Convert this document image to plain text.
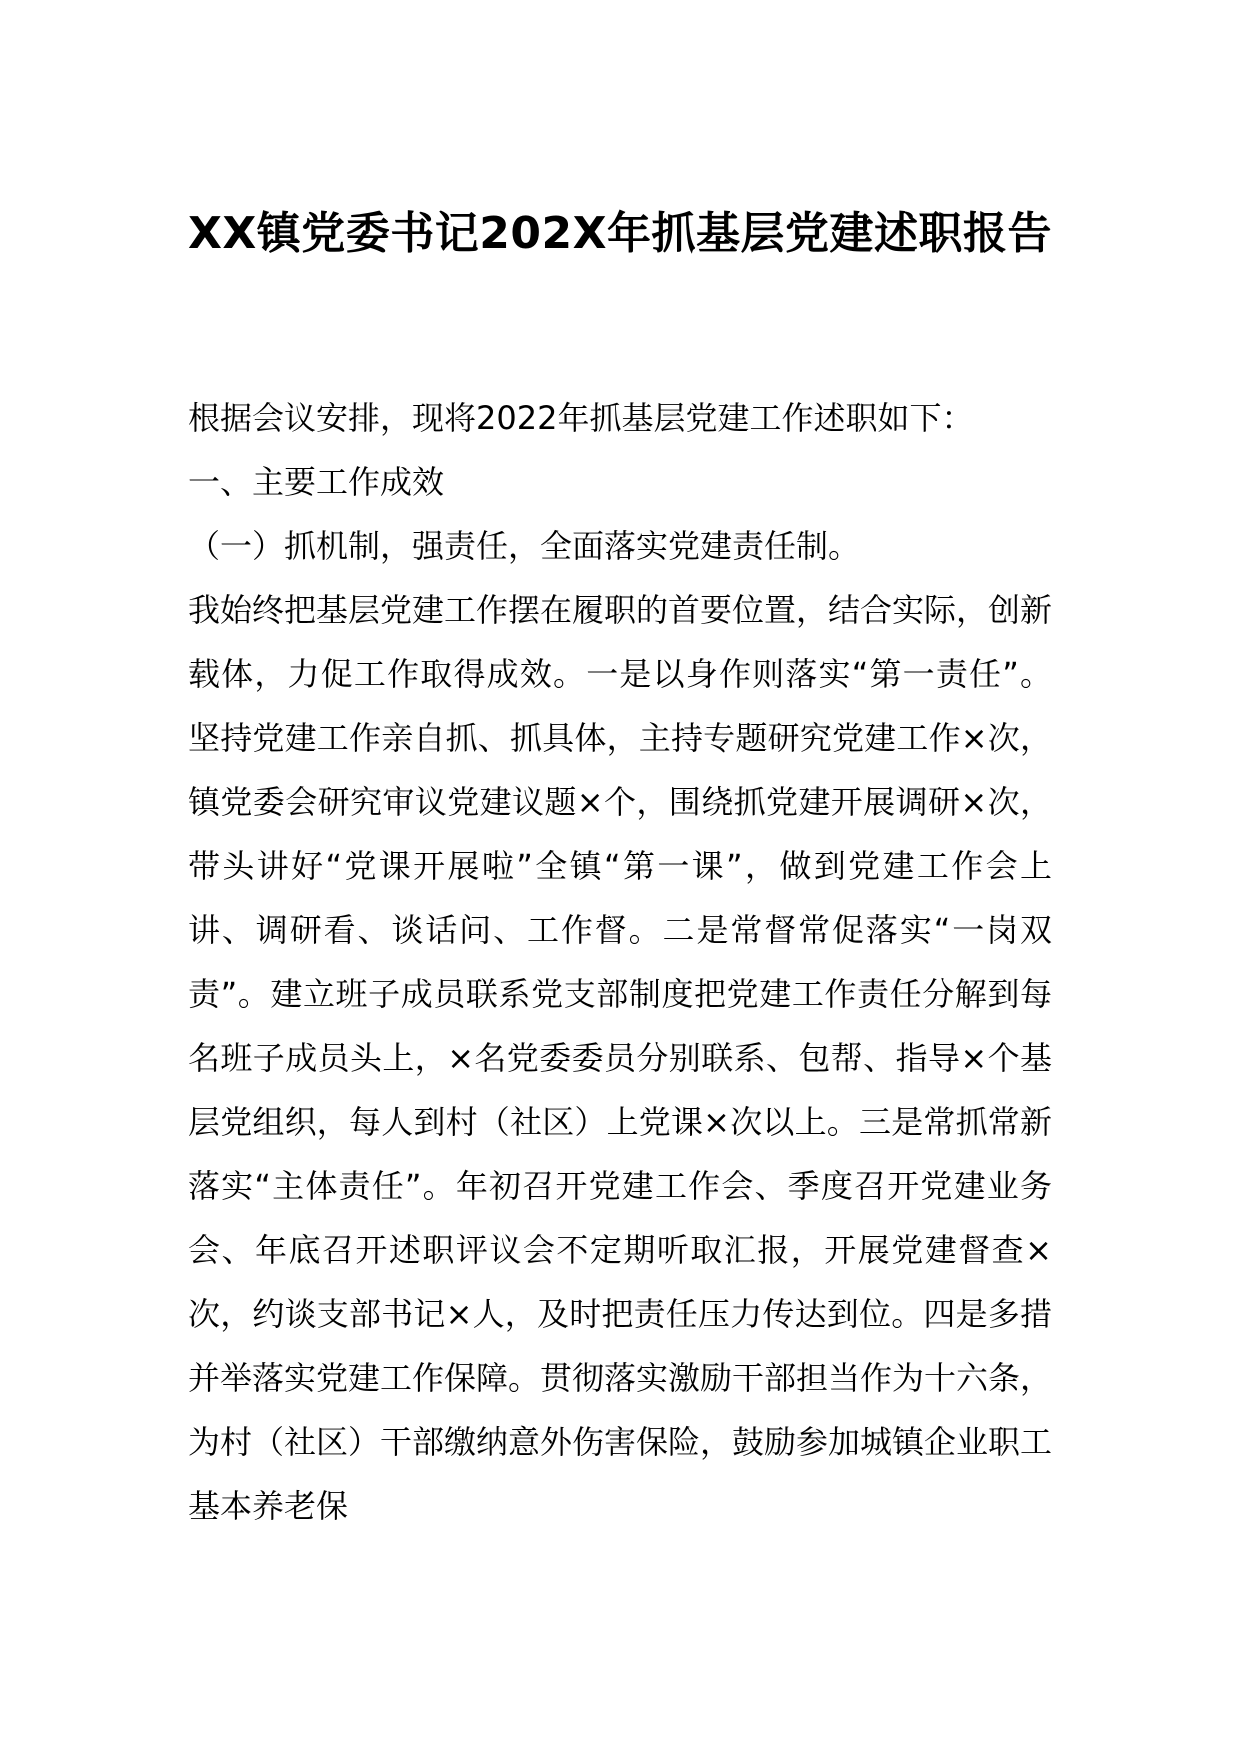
XX镇党委书记202X年抓基层党建述职报告

根据会议安排，现将2022年抓基层党建工作述职如下：

一、主要工作成效

（一）抓机制，强责任，全面落实党建责任制。

我始终把基层党建工作摆在履职的首要位置，结合实际，创新载体，力促工作取得成效。一是以身作则落实“第一责任”。坚持党建工作亲自抓、抓具体，主持专题研究党建工作×次，镇党委会研究审议党建议题×个，围绕抓党建开展调研×次，带头讲好“党课开展啦”全镇“第一课”，做到党建工作会上讲、调研看、谈话问、工作督。二是常督常促落实“一岗双责”。建立班子成员联系党支部制度把党建工作责任分解到每名班子成员头上，×名党委委员分别联系、包帮、指导×个基层党组织，每人到村（社区）上党课×次以上。三是常抓常新落实“主体责任”。年初召开党建工作会、季度召开党建业务会、年底召开述职评议会不定期听取汇报，开展党建督查×次，约谈支部书记×人，及时把责任压力传达到位。四是多措并举落实党建工作保障。贯彻落实激励干部担当作为十六条，为村（社区）干部缴纳意外伤害保险，鼓励参加城镇企业职工基本养老保
